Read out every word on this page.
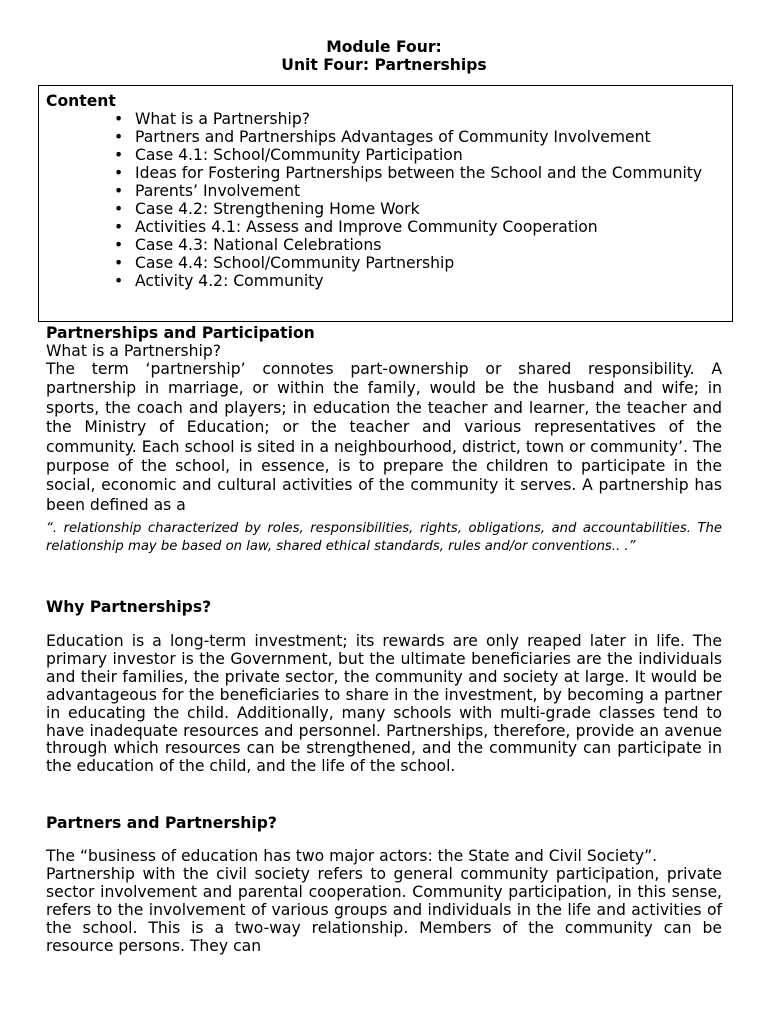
Module Four:
Unit Four: Partnerships
Content
• What is a Partnership?
• Partners and Partnerships Advantages of Community Involvement
• Case 4.1: School/Community Participation
• Ideas for Fostering Partnerships between the School and the Community
• Parents’ Involvement
• Case 4.2: Strengthening Home Work
• Activities 4.1: Assess and Improve Community Cooperation
• Case 4.3: National Celebrations
• Case 4.4: School/Community Partnership
• Activity 4.2: Community
Partnerships and Participation
What is a Partnership?
The term ‘partnership’ connotes part-ownership or shared responsibility. A partnership in marriage, or within the family, would be the husband and wife; in sports, the coach and players; in education the teacher and learner, the teacher and the Ministry of Education; or the teacher and various representatives of the community. Each school is sited in a neighbourhood, district, town or community’. The purpose of the school, in essence, is to prepare the children to participate in the social, economic and cultural activities of the community it serves. A partnership has been defined as a
“. relationship characterized by roles, responsibilities, rights, obligations, and accountabilities. The relationship may be based on law, shared ethical standards, rules and/or conventions.. .”
Why Partnerships?
Education is a long-term investment; its rewards are only reaped later in life. The primary investor is the Government, but the ultimate beneficiaries are the individuals and their families, the private sector, the community and society at large. It would be advantageous for the beneficiaries to share in the investment, by becoming a partner in educating the child. Additionally, many schools with multi-grade classes tend to have inadequate resources and personnel. Partnerships, therefore, provide an avenue through which resources can be strengthened, and the community can participate in the education of the child, and the life of the school.
Partners and Partnership?
The “business of education has two major actors: the State and Civil Society”.
Partnership with the civil society refers to general community participation, private sector involvement and parental cooperation. Community participation, in this sense, refers to the involvement of various groups and individuals in the life and activities of the school. This is a two-way relationship. Members of the community can be resource persons. They can
